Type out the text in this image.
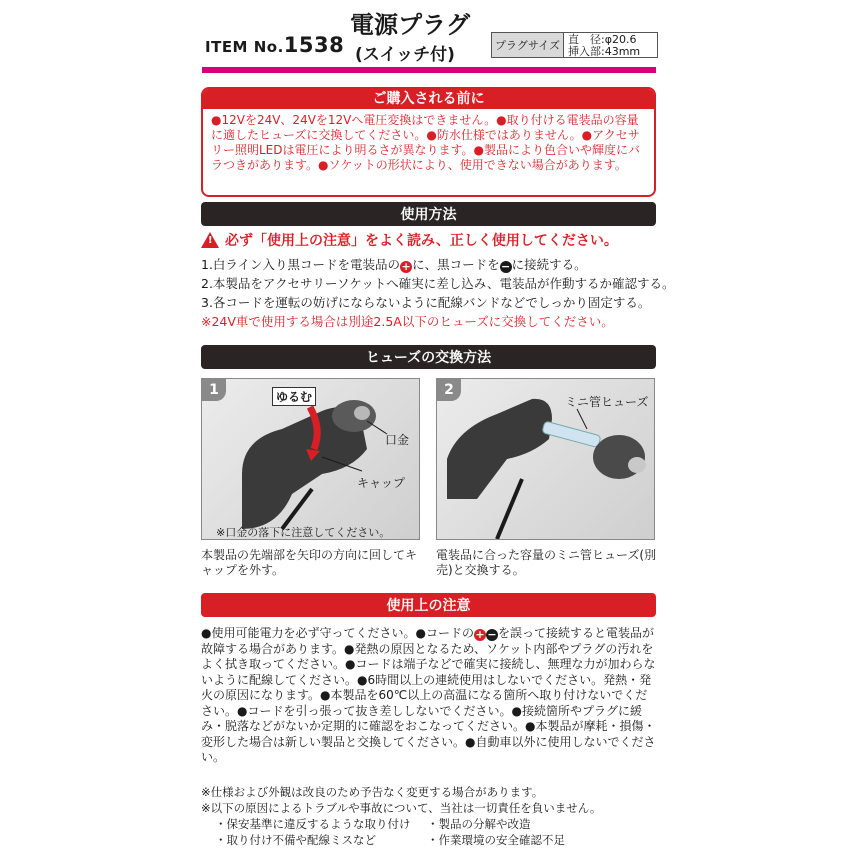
ITEM No.1538
電源プラグ
(スイッチ付)	プラグサイズ 直　径:φ20.6
挿入部:43mm
ご購入される前に
●12Vを24V、24Vを12Vへ電圧変換はできません。●取り付ける電装品の容量に適したヒューズに交換してください。●防水仕様ではありません。●アクセサリー照明LEDは電圧により明るさが異なります。●製品により色合いや輝度にバラつきがあります。●ソケットの形状により、使用できない場合があります。
使用方法
!
必ず「使用上の注意」をよく読み、正しく使用してください。
1.白ライン入り黒コードを電装品の+に、黒コードを−に接続する。
2.本製品をアクセサリーソケットへ確実に差し込み、電装品が作動するか確認する。
3.各コードを運転の妨げにならないように配線バンドなどでしっかり固定する。
※24V車で使用する場合は別途2.5A以下のヒューズに交換してください。
ヒューズの交換方法
1	ゆるむ
口金
キャップ
※口金の落下に注意してください。
2
ミニ管ヒューズ
本製品の先端部を矢印の方向に回してキャップを外す。
電装品に合った容量のミニ管ヒューズ(別売)と交換する。
使用上の注意
●使用可能電力を必ず守ってください。●コードの+ −を誤って接続すると電装品が故障する場合があります。●発熱の原因となるため、ソケット内部やプラグの汚れをよく拭き取ってください。●コードは端子などで確実に接続し、無理な力が加わらないように配線してください。●6時間以上の連続使用はしないでください。発熱・発火の原因になります。●本製品を60℃以上の高温になる箇所へ取り付けないでください。●コードを引っ張って抜き差ししないでください。●接続箇所やプラグに緩み・脱落などがないか定期的に確認をおこなってください。●本製品が摩耗・損傷・変形した場合は新しい製品と交換してください。●自動車以外に使用しないでください。
※仕様および外観は改良のため予告なく変更する場合があります。
※以下の原因によるトラブルや事故について、当社は一切責任を負いません。
・保安基準に違反するような取り付け	・製品の分解や改造
・取り付け不備や配線ミスなど	・作業環境の安全確認不足
